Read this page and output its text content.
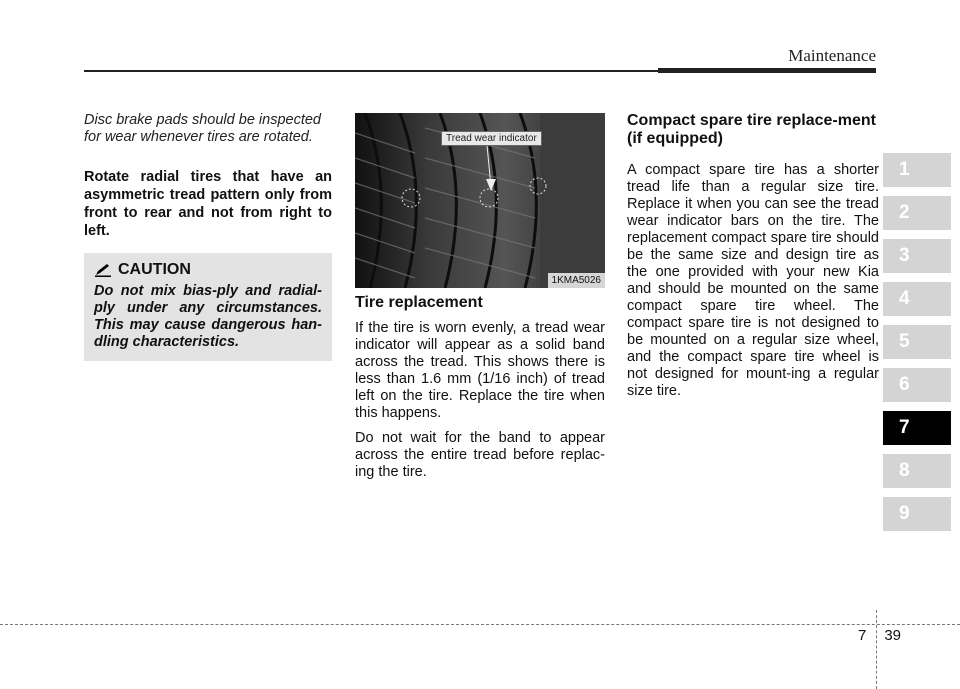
Maintenance

Disc brake pads should be inspected for wear whenever tires are rotated.

Rotate radial tires that have an asymmetric tread pattern only from front to rear and not from right to left.

CAUTION

Do not mix bias-ply and radial-ply under any circumstances. This may cause dangerous han-dling characteristics.

Tread wear indicator
1KMA5026
Tire replacement

If the tire is worn evenly, a tread wear indicator will appear as a solid band across the tread. This shows there is less than 1.6 mm (1/16 inch) of tread left on the tire. Replace the tire when this happens.

Do not wait for the band to appear across the entire tread before replac-ing the tire.

Compact spare tire replace-ment (if equipped)

A compact spare tire has a shorter tread life than a regular size tire. Replace it when you can see the tread wear indicator bars on the tire. The replacement compact spare tire should be the same size and design tire as the one provided with your new Kia and should be mounted on the same compact spare tire wheel. The compact spare tire is not designed to be mounted on a regular size wheel, and the compact spare tire wheel is not designed for mount-ing a regular size tire.

1
2
3
4
5
6
7
8
9
7 39
